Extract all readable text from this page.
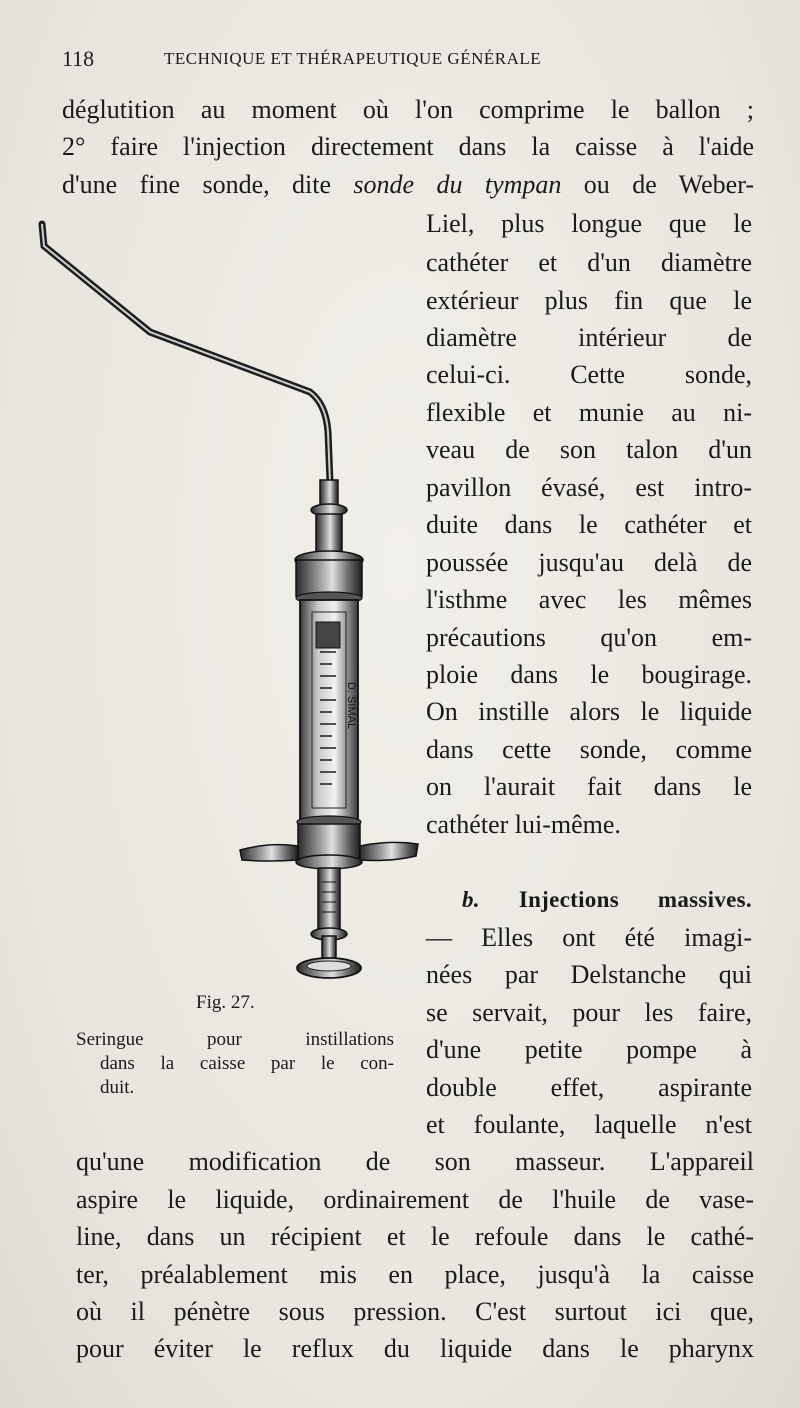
118	TECHNIQUE ET THÉRAPEUTIQUE GÉNÉRALE
déglutition au moment où l'on comprime le ballon ;
2° faire l'injection directement dans la caisse à l'aide
d'une fine sonde, dite sonde du tympan ou de Weber-
Liel, plus longue que le
cathéter et d'un diamètre
extérieur plus fin que le
diamètre intérieur de
celui-ci. Cette sonde,
flexible et munie au ni-
veau de son talon d'un
pavillon évasé, est intro-
duite dans le cathéter et
poussée jusqu'au delà de
l'isthme avec les mêmes
précautions qu'on em-
ploie dans le bougirage.
On instille alors le liquide
dans cette sonde, comme
on l'aurait fait dans le
cathéter lui-même.
b. Injections massives.
— Elles ont été imagi-
nées par Delstanche qui
se servait, pour les faire,
d'une petite pompe à
double effet, aspirante
et foulante, laquelle n'est
qu'une modification de son masseur. L'appareil
aspire le liquide, ordinairement de l'huile de vase-
line, dans un récipient et le refoule dans le cathé-
ter, préalablement mis en place, jusqu'à la caisse
où il pénètre sous pression. C'est surtout ici que,
pour éviter le reflux du liquide dans le pharynx
D. SIMAL
Fig. 27.
Seringue pour instillations
dans la caisse par le con-
duit.
